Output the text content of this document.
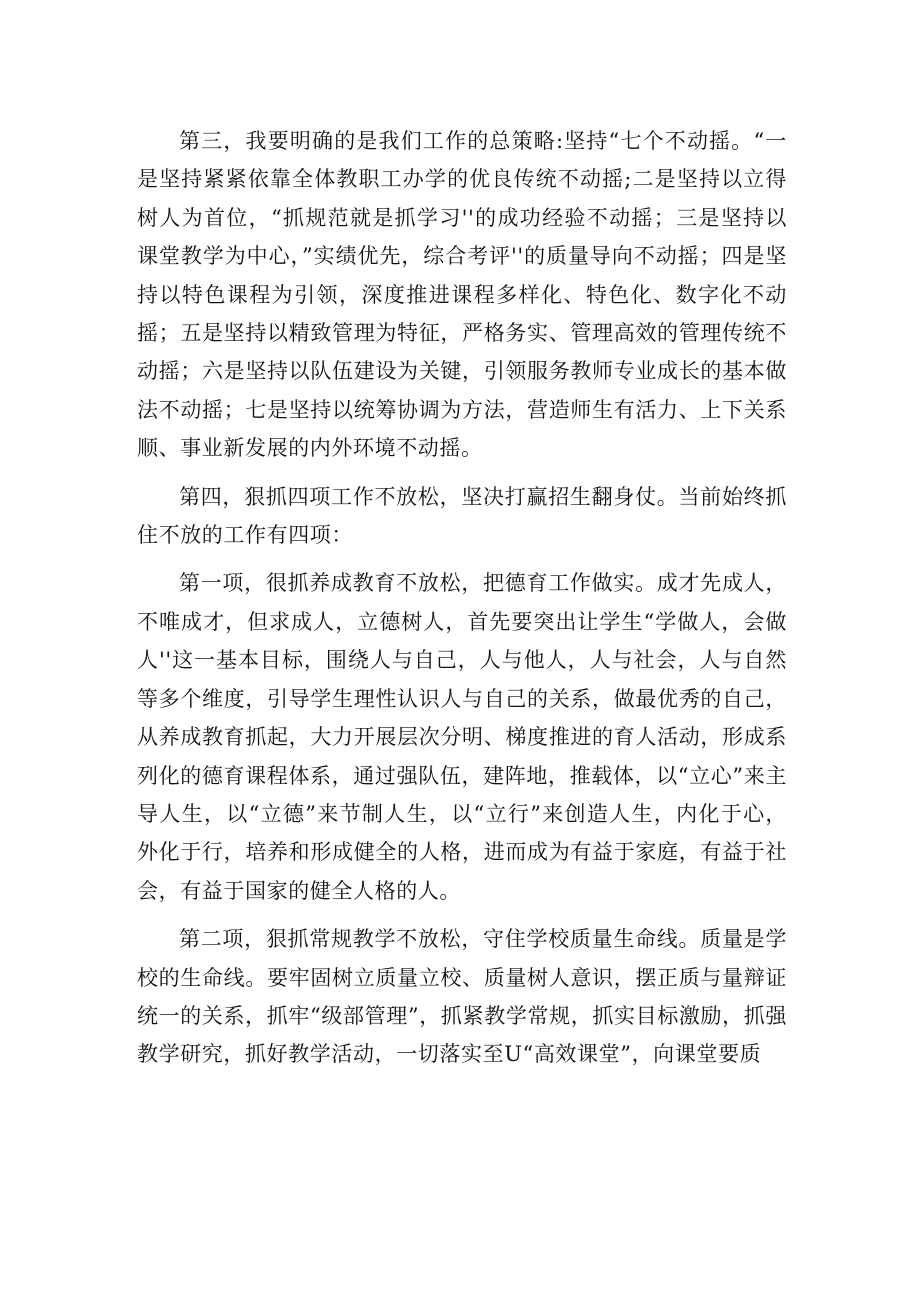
第三，我要明确的是我们工作的总策略:坚持“七个不动摇。“一是坚持紧紧依靠全体教职工办学的优良传统不动摇;二是坚持以立得树人为首位，“抓规范就是抓学习''的成功经验不动摇；三是坚持以课堂教学为中心，”实绩优先，综合考评''的质量导向不动摇；四是坚持以特色课程为引领，深度推进课程多样化、特色化、数字化不动摇；五是坚持以精致管理为特征，严格务实、管理高效的管理传统不动摇；六是坚持以队伍建设为关键，引领服务教师专业成长的基本做法不动摇；七是坚持以统筹协调为方法，营造师生有活力、上下关系顺、事业新发展的内外环境不动摇。

第四，狠抓四项工作不放松，坚决打赢招生翻身仗。当前始终抓住不放的工作有四项：

第一项，很抓养成教育不放松，把德育工作做实。成才先成人，不唯成才，但求成人，立德树人，首先要突出让学生“学做人，会做人''这一基本目标，围绕人与自己，人与他人，人与社会，人与自然等多个维度，引导学生理性认识人与自己的关系，做最优秀的自己，从养成教育抓起，大力开展层次分明、梯度推进的育人活动，形成系列化的德育课程体系，通过强队伍，建阵地，推载体，以“立心”来主导人生，以“立德”来节制人生，以“立行”来创造人生，内化于心，外化于行，培养和形成健全的人格，进而成为有益于家庭，有益于社会，有益于国家的健全人格的人。

第二项，狠抓常规教学不放松，守住学校质量生命线。质量是学校的生命线。要牢固树立质量立校、质量树人意识，摆正质与量辩证统一的关系，抓牢“级部管理”，抓紧教学常规，抓实目标激励，抓强教学研究，抓好教学活动，一切落实至U“高效课堂”，向课堂要质
